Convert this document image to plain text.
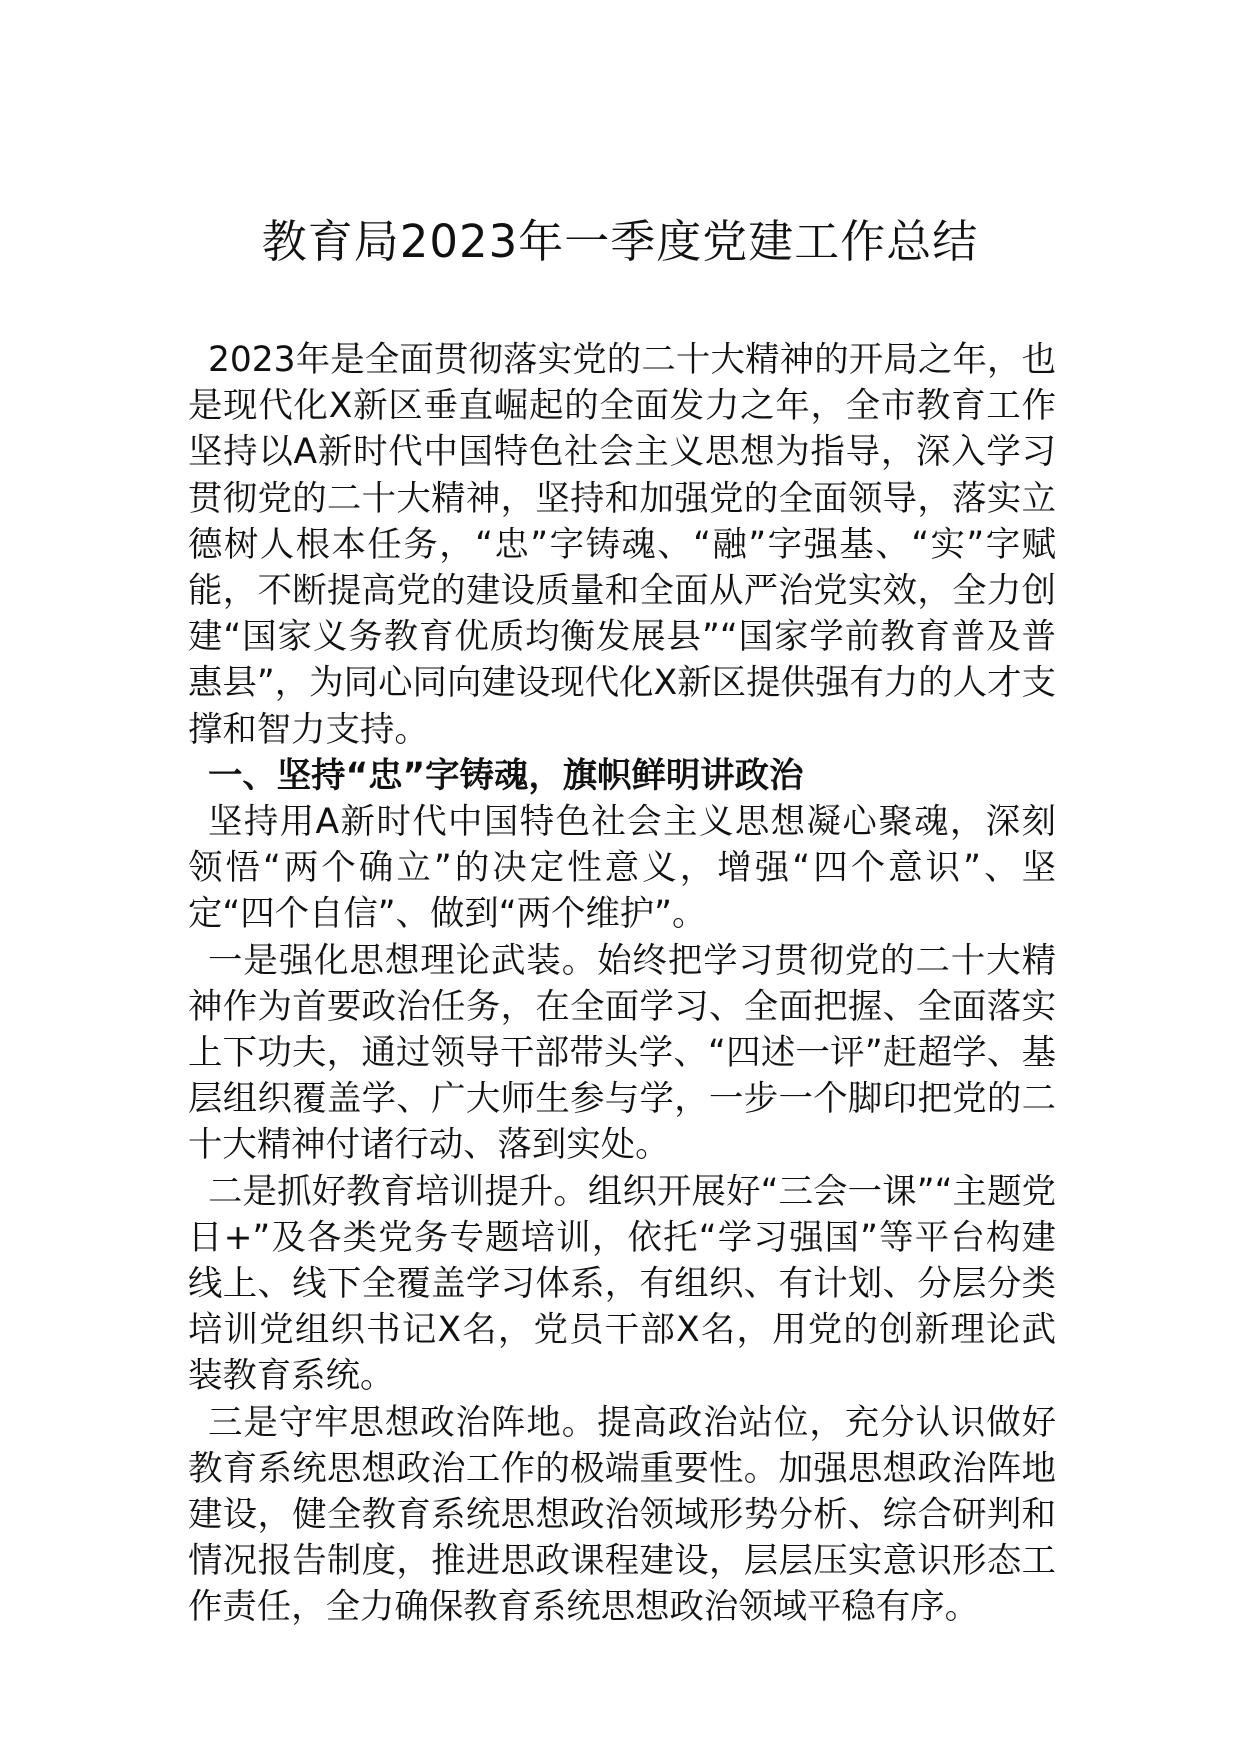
教育局2023年一季度党建工作总结

2023年是全面贯彻落实党的二十大精神的开局之年，也是现代化X新区垂直崛起的全面发力之年，全市教育工作坚持以A新时代中国特色社会主义思想为指导，深入学习贯彻党的二十大精神，坚持和加强党的全面领导，落实立德树人根本任务，“忠”字铸魂、“融”字强基、“实”字赋能，不断提高党的建设质量和全面从严治党实效，全力创建“国家义务教育优质均衡发展县”“国家学前教育普及普惠县”，为同心同向建设现代化X新区提供强有力的人才支撑和智力支持。

一、坚持“忠”字铸魂，旗帜鲜明讲政治

坚持用A新时代中国特色社会主义思想凝心聚魂，深刻领悟“两个确立”的决定性意义，增强“四个意识”、坚定“四个自信”、做到“两个维护”。

一是强化思想理论武装。始终把学习贯彻党的二十大精神作为首要政治任务，在全面学习、全面把握、全面落实上下功夫，通过领导干部带头学、“四述一评”赶超学、基层组织覆盖学、广大师生参与学，一步一个脚印把党的二十大精神付诸行动、落到实处。

二是抓好教育培训提升。组织开展好“三会一课”“主题党日+”及各类党务专题培训，依托“学习强国”等平台构建线上、线下全覆盖学习体系，有组织、有计划、分层分类培训党组织书记X名，党员干部X名，用党的创新理论武装教育系统。

三是守牢思想政治阵地。提高政治站位，充分认识做好教育系统思想政治工作的极端重要性。加强思想政治阵地建设，健全教育系统思想政治领域形势分析、综合研判和情况报告制度，推进思政课程建设，层层压实意识形态工作责任，全力确保教育系统思想政治领域平稳有序。
